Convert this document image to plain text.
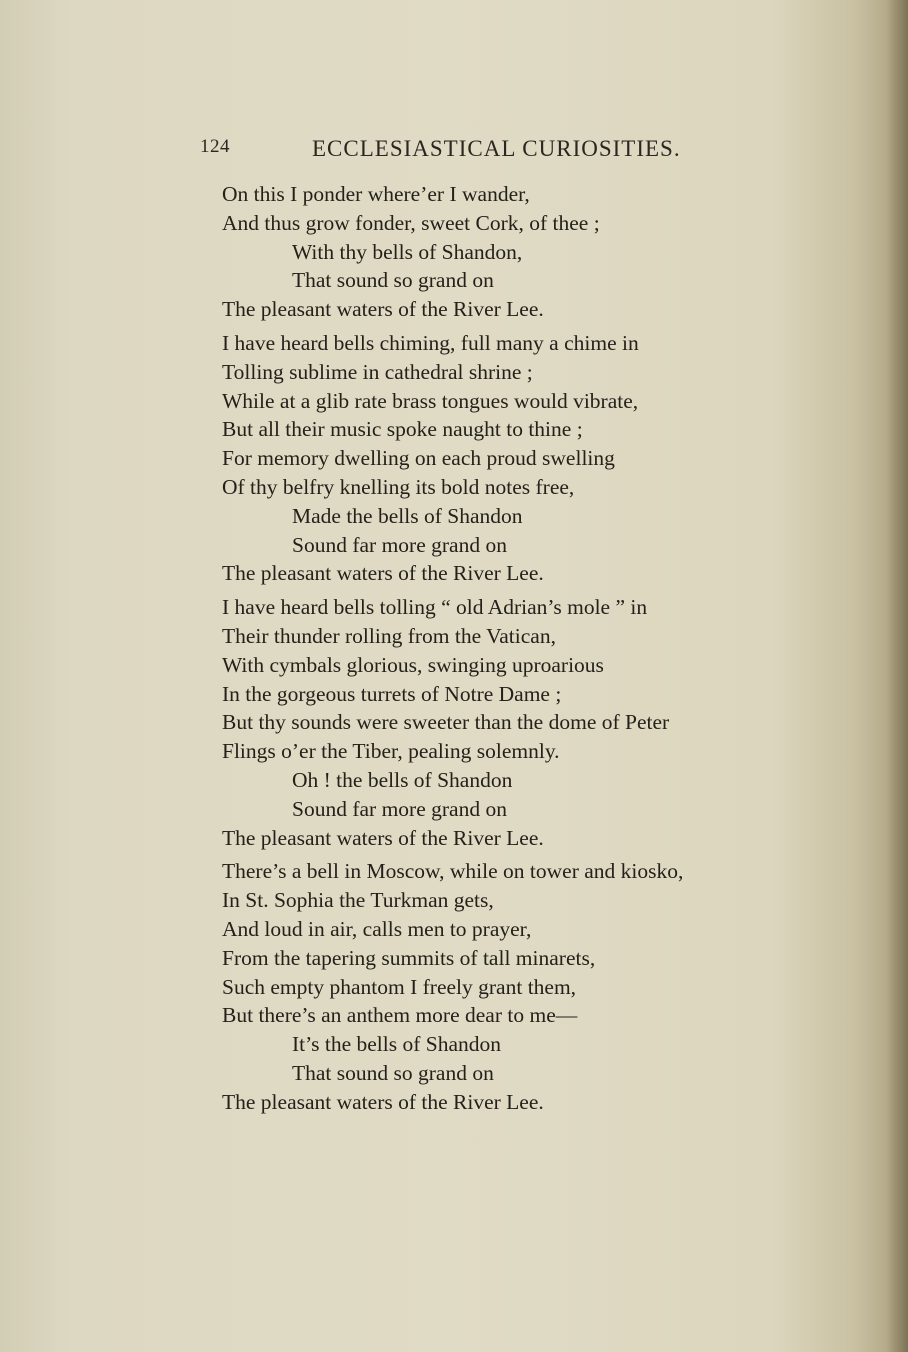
124	ECCLESIASTICAL CURIOSITIES.
On this I ponder where’er I wander,
And thus grow fonder, sweet Cork, of thee ;
With thy bells of Shandon,
That sound so grand on
The pleasant waters of the River Lee.
I have heard bells chiming, full many a chime in
Tolling sublime in cathedral shrine ;
While at a glib rate brass tongues would vibrate,
But all their music spoke naught to thine ;
For memory dwelling on each proud swelling
Of thy belfry knelling its bold notes free,
Made the bells of Shandon
Sound far more grand on
The pleasant waters of the River Lee.
I have heard bells tolling “ old Adrian’s mole ” in
Their thunder rolling from the Vatican,
With cymbals glorious, swinging uproarious
In the gorgeous turrets of Notre Dame ;
But thy sounds were sweeter than the dome of Peter
Flings o’er the Tiber, pealing solemnly.
Oh ! the bells of Shandon
Sound far more grand on
The pleasant waters of the River Lee.
There’s a bell in Moscow, while on tower and kiosko,
In St. Sophia the Turkman gets,
And loud in air, calls men to prayer,
From the tapering summits of tall minarets,
Such empty phantom I freely grant them,
But there’s an anthem more dear to me—
It’s the bells of Shandon
That sound so grand on
The pleasant waters of the River Lee.
